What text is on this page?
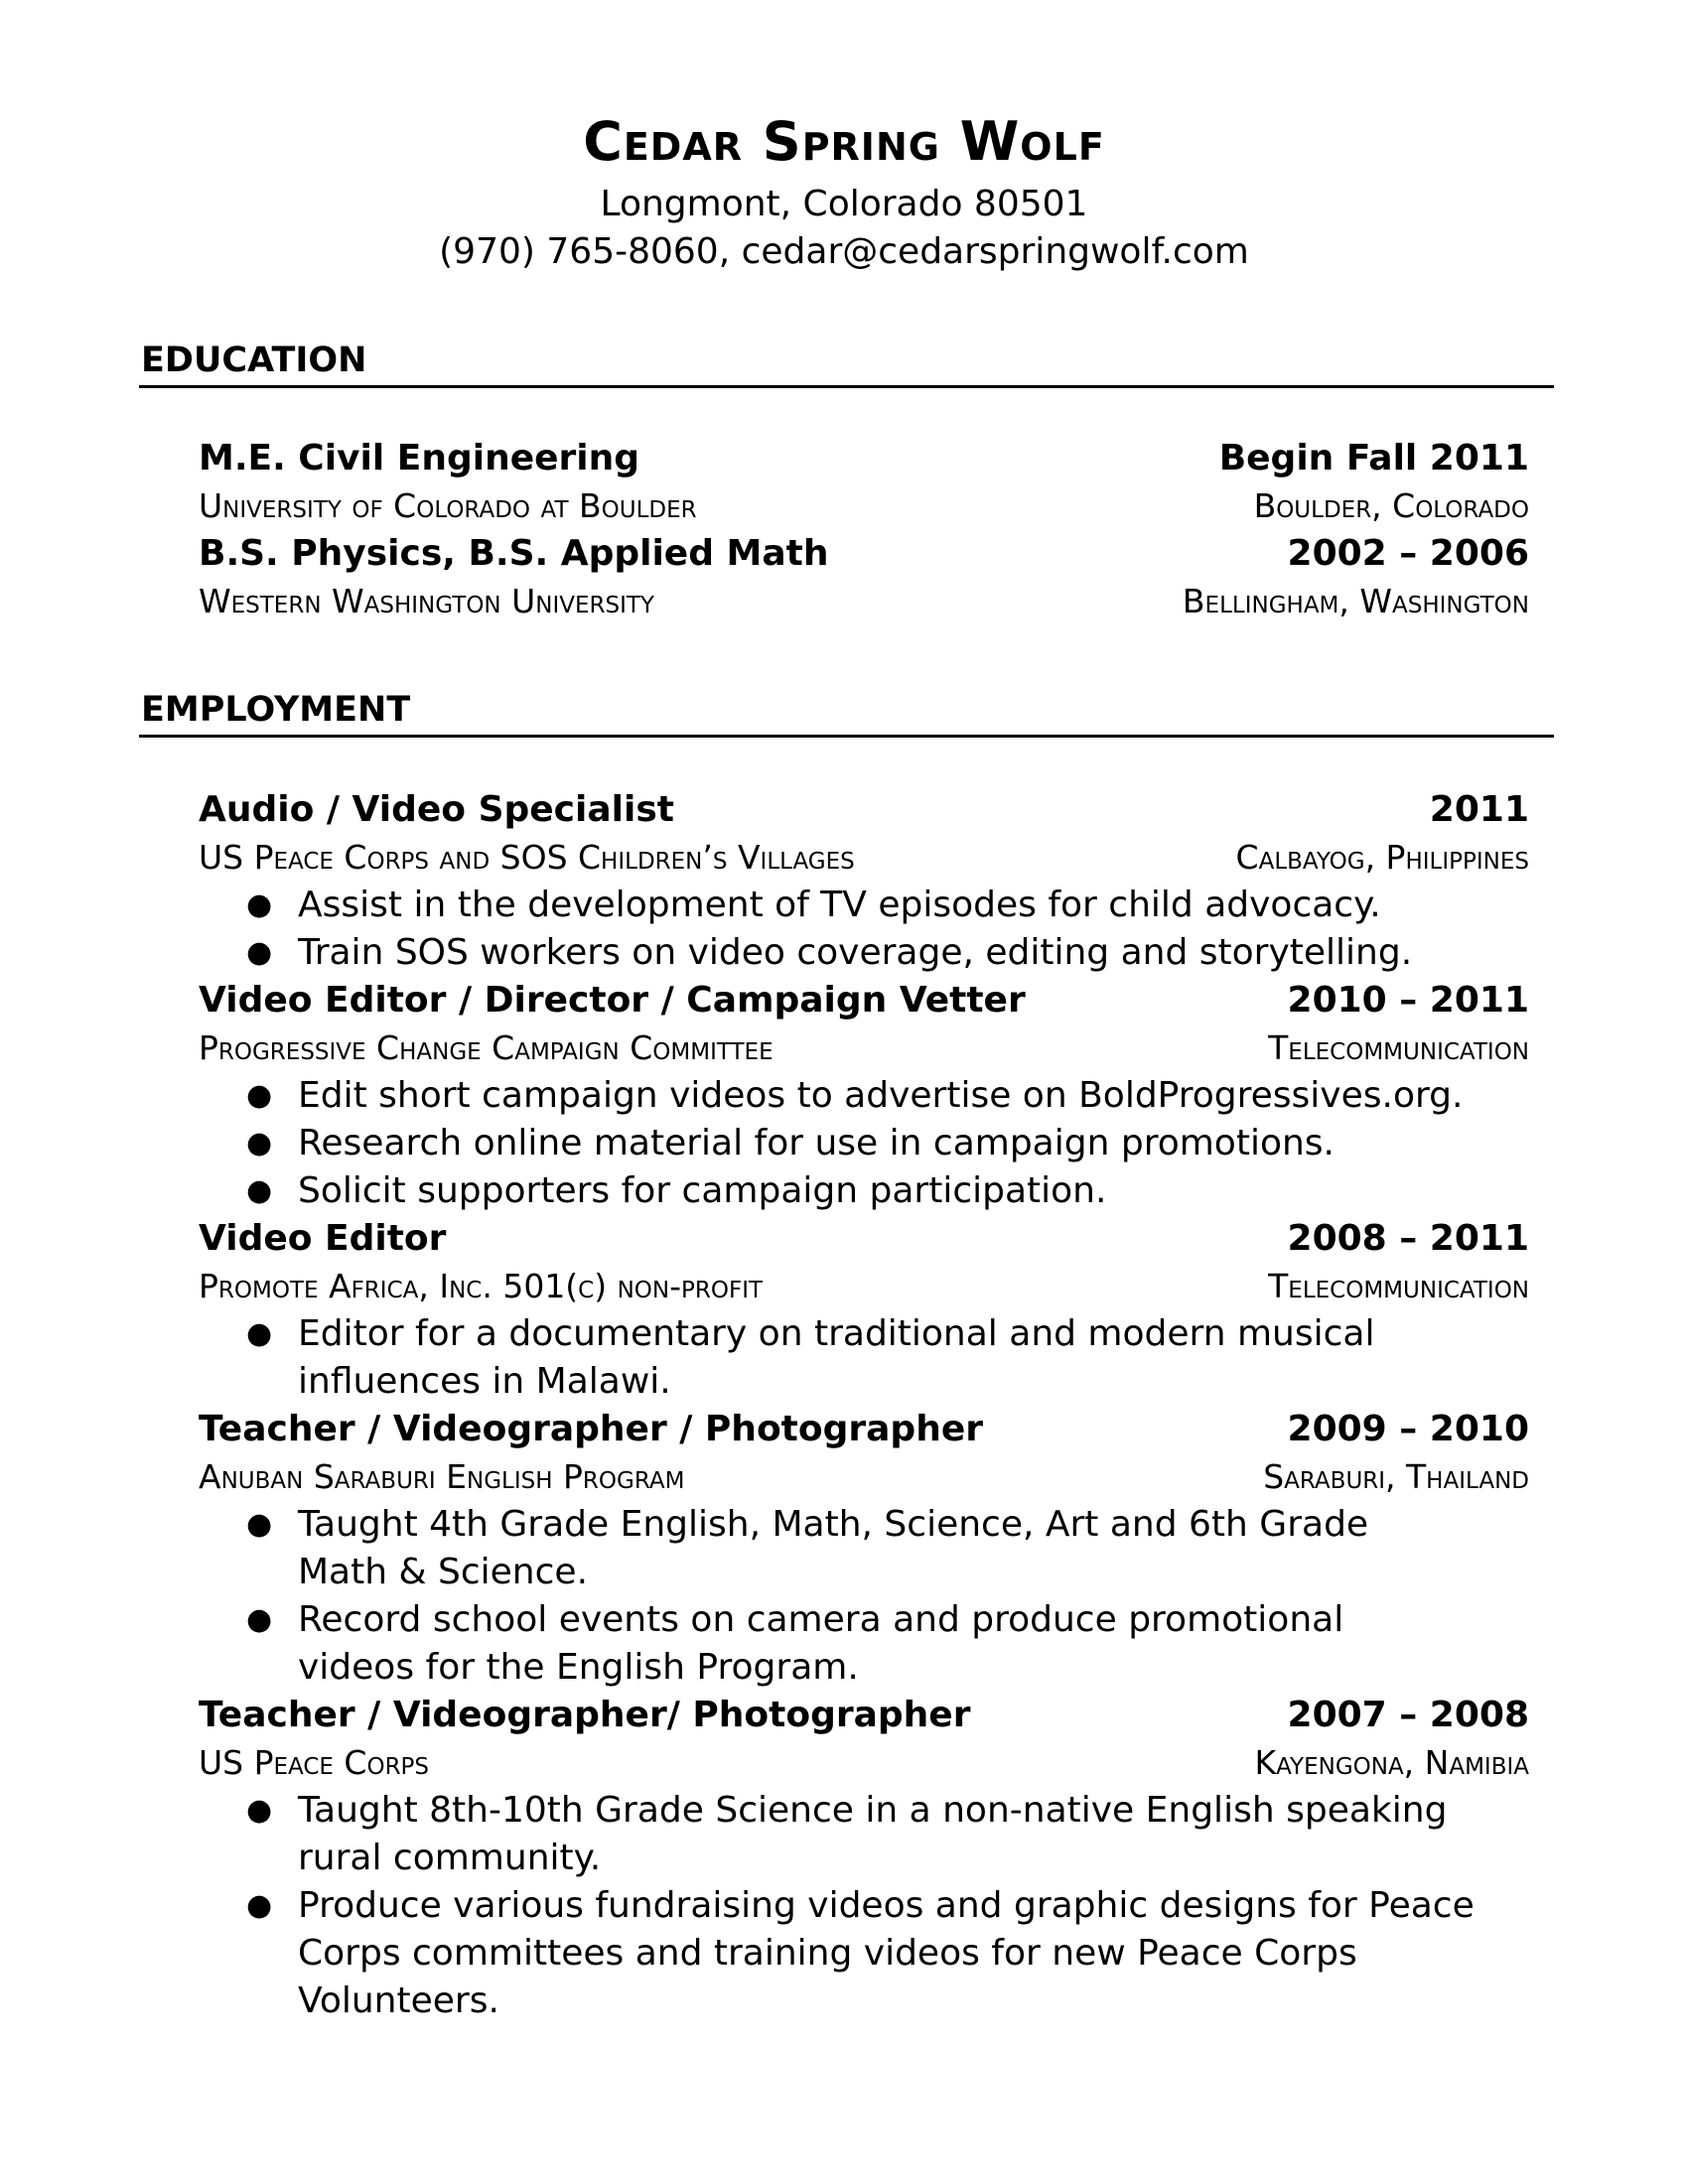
Cedar Spring Wolf
Longmont, Colorado 80501
(970) 765-8060, cedar@cedarspringwolf.com
EDUCATION
M.E. Civil Engineering	Begin Fall 2011
University of Colorado at Boulder	Boulder, Colorado
B.S. Physics, B.S. Applied Math	2002 – 2006
Western Washington University	Bellingham, Washington
EMPLOYMENT
Audio / Video Specialist	2011
US Peace Corps and SOS Children’s Villages	Calbayog, Philippines
● Assist in the development of TV episodes for child advocacy.
● Train SOS workers on video coverage, editing and storytelling.
Video Editor / Director / Campaign Vetter	2010 – 2011
Progressive Change Campaign Committee	Telecommunication
● Edit short campaign videos to advertise on BoldProgressives.org.
● Research online material for use in campaign promotions.
● Solicit supporters for campaign participation.
Video Editor	2008 – 2011
Promote Africa, Inc. 501(c) non-profit	Telecommunication
● Editor for a documentary on traditional and modern musical
influences in Malawi.
Teacher / Videographer / Photographer	2009 – 2010
Anuban Saraburi English Program	Saraburi, Thailand
● Taught 4th Grade English, Math, Science, Art and 6th Grade
Math & Science.
● Record school events on camera and produce promotional
videos for the English Program.
Teacher / Videographer/ Photographer	2007 – 2008
US Peace Corps	Kayengona, Namibia
● Taught 8th-10th Grade Science in a non-native English speaking
rural community.
● Produce various fundraising videos and graphic designs for Peace
Corps committees and training videos for new Peace Corps
Volunteers.
